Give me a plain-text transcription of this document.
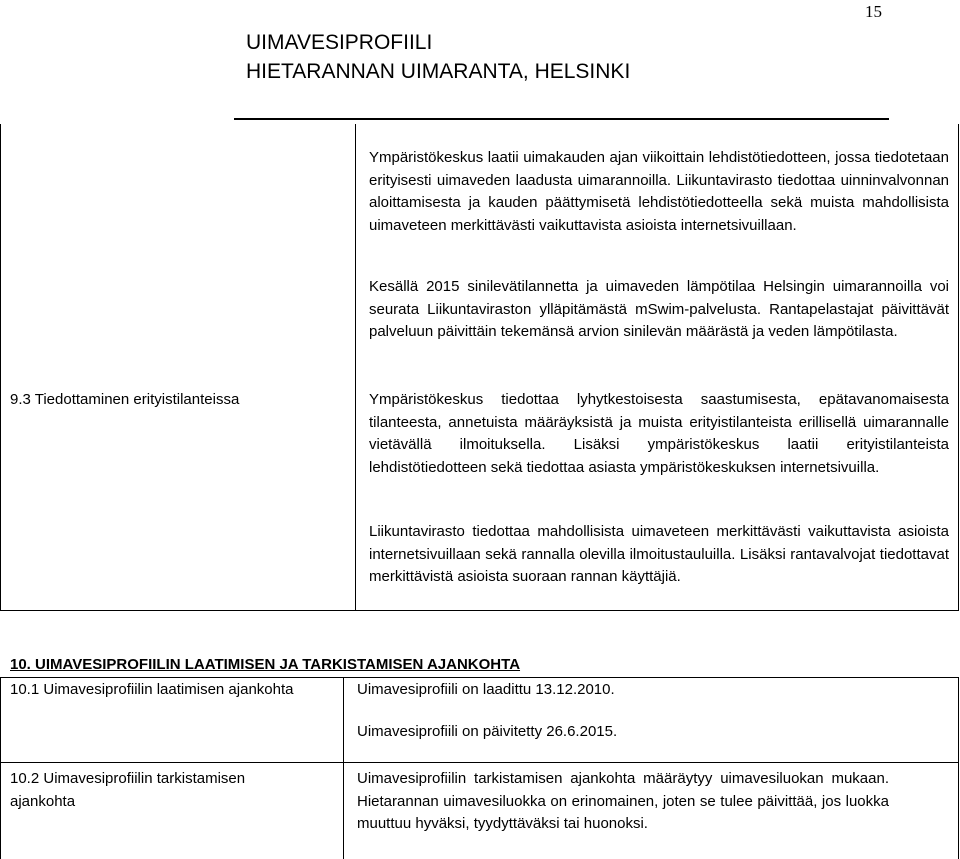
15
UIMAVESIPROFIILI
HIETARANNAN UIMARANTA, HELSINKI

Ympäristökeskus laatii uimakauden ajan viikoittain lehdistötiedotteen, jossa tiedotetaan erityisesti uimaveden laadusta uimarannoilla. Liikuntavirasto tiedottaa uinninvalvonnan aloittamisesta ja kauden päättymisetä lehdistötiedotteella sekä muista mahdollisista uimaveteen merkittävästi vaikuttavista asioista internetsivuillaan.

Kesällä 2015 sinilevätilannetta ja uimaveden lämpötilaa Helsingin uimarannoilla voi seurata Liikuntaviraston ylläpitämästä mSwim-palvelusta. Rantapelastajat päivittävät palveluun päivittäin tekemänsä arvion sinilevän määrästä ja veden lämpötilasta.

9.3 Tiedottaminen erityistilanteissa	Ympäristökeskus tiedottaa lyhytkestoisesta saastumisesta, epätavanomaisesta tilanteesta, annetuista määräyksistä ja muista erityistilanteista erillisellä uimarannalle vietävällä ilmoituksella. Lisäksi ympäristökeskus laatii erityistilanteista lehdistötiedotteen sekä tiedottaa asiasta ympäristökeskuksen internetsivuilla.

Liikuntavirasto tiedottaa mahdollisista uimaveteen merkittävästi vaikuttavista asioista internetsivuillaan sekä rannalla olevilla ilmoitustauluilla. Lisäksi rantavalvojat tiedottavat merkittävistä asioista suoraan rannan käyttäjiä.

10. UIMAVESIPROFIILIN LAATIMISEN JA TARKISTAMISEN AJANKOHTA

10.1 Uimavesiprofiilin laatimisen ajankohta	Uimavesiprofiili on laadittu 13.12.2010.

Uimavesiprofiili on päivitetty 26.6.2015.

10.2 Uimavesiprofiilin tarkistamisen ajankohta

Uimavesiprofiilin tarkistamisen ajankohta määräytyy uimavesiluokan mukaan. Hietarannan uimavesiluokka on erinomainen, joten se tulee päivittää, jos luokka muuttuu hyväksi, tyydyttäväksi tai huonoksi.
